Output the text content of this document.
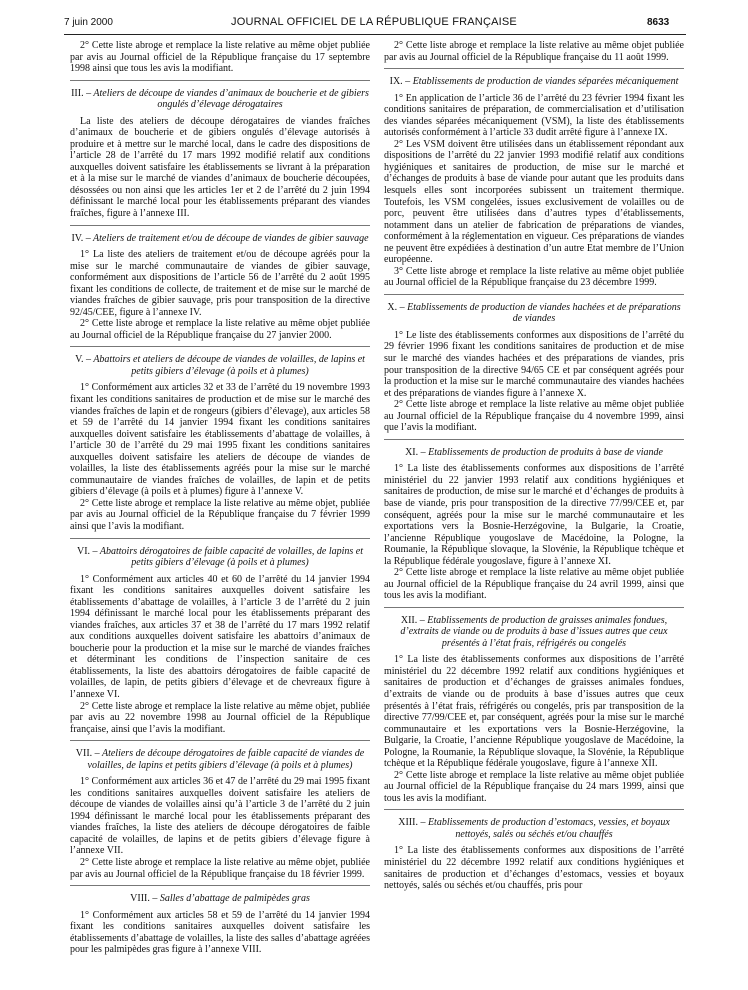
7 juin 2000	JOURNAL OFFICIEL DE LA RÉPUBLIQUE FRANÇAISE	8633

2° Cette liste abroge et remplace la liste relative au même objet publiée par avis au Journal officiel de la République française du 17 septembre 1998 ainsi que tous les avis la modifiant.

III. – Ateliers de découpe de viandes d’animaux de boucherie et de gibiers ongulés d’élevage dérogataires

La liste des ateliers de découpe dérogataires de viandes fraîches d’animaux de boucherie et de gibiers ongulés d’élevage autorisés à produire et à mettre sur le marché local, dans le cadre des dispositions de l’article 28 de l’arrêté du 17 mars 1992 modifié relatif aux conditions auxquelles doivent satisfaire les établissements se livrant à la préparation et à la mise sur le marché de viandes d’animaux de boucherie découpées, désossées ou non ainsi que les articles 1er et 2 de l’arrêté du 2 juin 1994 définissant le marché local pour les établissements préparant des viandes fraîches, figure à l’annexe III.

IV. – Ateliers de traitement et/ou de découpe de viandes de gibier sauvage

1° La liste des ateliers de traitement et/ou de découpe agréés pour la mise sur le marché communautaire de viandes de gibier sauvage, conformément aux dispositions de l’article 56 de l’arrêté du 2 août 1995 fixant les conditions de collecte, de traitement et de mise sur le marché de viandes fraîches de gibier sauvage, pris pour transposition de la directive 92/45/CEE, figure à l’annexe IV.

2° Cette liste abroge et remplace la liste relative au même objet publiée au Journal officiel de la République française du 27 janvier 2000.

V. – Abattoirs et ateliers de découpe de viandes de volailles, de lapins et petits gibiers d’élevage (à poils et à plumes)

1° Conformément aux articles 32 et 33 de l’arrêté du 19 novembre 1993 fixant les conditions sanitaires de production et de mise sur le marché des viandes fraîches de lapin et de rongeurs (gibiers d’élevage), aux articles 58 et 59 de l’arrêté du 14 janvier 1994 fixant les conditions sanitaires auxquelles doivent satisfaire les établissements d’abattage de volailles, à l’article 30 de l’arrêté du 29 mai 1995 fixant les conditions sanitaires auxquelles doivent satisfaire les ateliers de découpe de viandes de volailles, la liste des établissements agréés pour la mise sur le marché communautaire de viandes fraîches de volailles, de lapin et de petits gibiers d’élevage (à poils et à plumes) figure à l’annexe V.

2° Cette liste abroge et remplace la liste relative au même objet, publiée par avis au Journal officiel de la République française du 7 février 1999 ainsi que l’avis la modifiant.

VI. – Abattoirs dérogatoires de faible capacité de volailles, de lapins et petits gibiers d’élevage (à poils et à plumes)

1° Conformément aux articles 40 et 60 de l’arrêté du 14 janvier 1994 fixant les conditions sanitaires auxquelles doivent satisfaire les établissements d’abattage de volailles, à l’article 3 de l’arrêté du 2 juin 1994 définissant le marché local pour les établissements préparant des viandes fraîches, aux articles 37 et 38 de l’arrêté du 17 mars 1992 relatif aux conditions auxquelles doivent satisfaire les abattoirs d’animaux de boucherie pour la production et la mise sur le marché de viandes fraîches et déterminant les conditions de l’inspection sanitaire de ces établissements, la liste des abattoirs dérogatoires de faible capacité de volailles, de lapin, de petits gibiers d’élevage et de chevreaux figure à l’annexe VI.

2° Cette liste abroge et remplace la liste relative au même objet, publiée par avis au 22 novembre 1998 au Journal officiel de la République française, ainsi que l’avis la modifiant.

VII. – Ateliers de découpe dérogatoires de faible capacité de viandes de volailles, de lapins et petits gibiers d’élevage (à poils et à plumes)

1° Conformément aux articles 36 et 47 de l’arrêté du 29 mai 1995 fixant les conditions sanitaires auxquelles doivent satisfaire les ateliers de découpe de viandes de volailles ainsi qu’à l’article 3 de l’arrêté du 2 juin 1994 définissant le marché local pour les établissements préparant des viandes fraîches, la liste des ateliers de découpe dérogatoires de faible capacité de volailles, de lapins et de petits gibiers d’élevage figure à l’annexe VII.

2° Cette liste abroge et remplace la liste relative au même objet, publiée par avis au Journal officiel de la République française du 18 février 1999.

VIII. – Salles d’abattage de palmipèdes gras

1° Conformément aux articles 58 et 59 de l’arrêté du 14 janvier 1994 fixant les conditions sanitaires auxquelles doivent satisfaire les établissements d’abattage de volailles, la liste des salles d’abattage agréées pour les palmipèdes gras figure à l’annexe VIII.

2° Cette liste abroge et remplace la liste relative au même objet publiée par avis au Journal officiel de la République française du 11 août 1999.

IX. – Etablissements de production de viandes séparées mécaniquement

1° En application de l’article 36 de l’arrêté du 23 février 1994 fixant les conditions sanitaires de préparation, de commercialisation et d’utilisation des viandes séparées mécaniquement (VSM), la liste des établissements autorisés conformément à l’article 33 dudit arrêté figure à l’annexe IX.

2° Les VSM doivent être utilisées dans un établissement répondant aux dispositions de l’arrêté du 22 janvier 1993 modifié relatif aux conditions hygiéniques et sanitaires de production, de mise sur le marché et d’échanges de produits à base de viande pour autant que les produits dans lesquels elles sont incorporées subissent un traitement thermique. Toutefois, les VSM congelées, issues exclusivement de volailles ou de porc, peuvent être utilisées dans d’autres types d’établissements, notamment dans un atelier de fabrication de préparations de viandes, conformément à la réglementation en vigueur. Ces préparations de viandes ne peuvent être expédiées à destination d’un autre Etat membre de l’Union européenne.

3° Cette liste abroge et remplace la liste relative au même objet publiée au Journal officiel de la République française du 23 décembre 1999.

X. – Etablissements de production de viandes hachées et de préparations de viandes

1° Le liste des établissements conformes aux dispositions de l’arrêté du 29 février 1996 fixant les conditions sanitaires de production et de mise sur le marché des viandes hachées et des préparations de viandes, pris pour transposition de la directive 94/65 CE et par conséquent agréés pour la production et la mise sur le marché communautaire des viandes hachées et des préparations de viandes figure à l’annexe X.

2° Cette liste abroge et remplace la liste relative au même objet publiée au Journal officiel de la République française du 4 novembre 1999, ainsi que l’avis la modifiant.

XI. – Etablissements de production de produits à base de viande

1° La liste des établissements conformes aux dispositions de l’arrêté ministériel du 22 janvier 1993 relatif aux conditions hygiéniques et sanitaires de production, de mise sur le marché et d’échanges de produits à base de viande, pris pour transposition de la directive 77/99/CEE et, par conséquent, agréés pour la mise sur le marché communautaire et les exportations vers la Bosnie-Herzégovine, la Bulgarie, la Croatie, l’ancienne République yougoslave de Macédoine, la Pologne, la Roumanie, la République slovaque, la Slovénie, la République tchèque et la République fédérale yougoslave, figure à l’annexe XI.

2° Cette liste abroge et remplace la liste relative au même objet publiée au Journal officiel de la République française du 24 avril 1999, ainsi que tous les avis la modifiant.

XII. – Etablissements de production de graisses animales fondues, d’extraits de viande ou de produits à base d’issues autres que ceux présentés à l’état frais, réfrigérés ou congelés

1° La liste des établissements conformes aux dispositions de l’arrêté ministériel du 22 décembre 1992 relatif aux conditions hygiéniques et sanitaires de production et d’échanges de graisses animales fondues, d’extraits de viande ou de produits à base d’issues autres que ceux présentés à l’état frais, réfrigérés ou congelés, pris par transposition de la directive 77/99/CEE et, par conséquent, agréés pour la mise sur le marché communautaire et les exportations vers la Bosnie-Herzégovine, la Bulgarie, la Croatie, l’ancienne République yougoslave de Macédoine, la Pologne, la Roumanie, la République slovaque, la Slovénie, la République tchèque et la République fédérale yougoslave, figure à l’annexe XII.

2° Cette liste abroge et remplace la liste relative au même objet publiée au Journal officiel de la République française du 24 mars 1999, ainsi que tous les avis la modifiant.

XIII. – Etablissements de production d’estomacs, vessies, et boyaux nettoyés, salés ou séchés et/ou chauffés

1° La liste des établissements conformes aux dispositions de l’arrêté ministériel du 22 décembre 1992 relatif aux conditions hygiéniques et sanitaires de production et d’échanges d’estomacs, vessies et boyaux nettoyés, salés ou séchés et/ou chauffés, pris pour
